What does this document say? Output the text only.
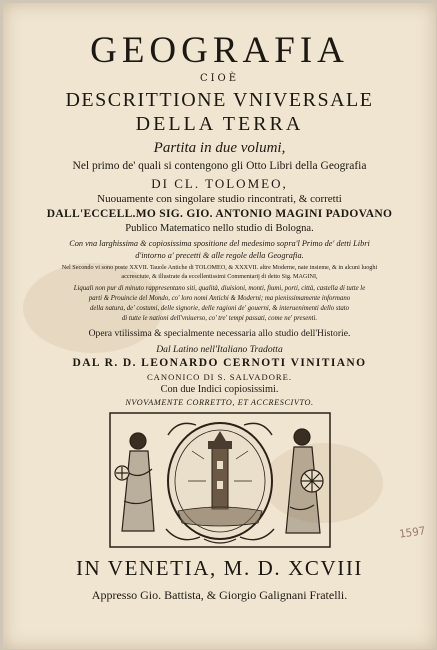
GEOGRAFIA

CIOÈ

DESCRITTIONE VNIVERSALE

DELLA TERRA

Partita in due volumi,

Nel primo de' quali si contengono gli Otto Libri della Geografia

DI CL. TOLOMEO,

Nuouamente con singolare studio rincontrati, & corretti

DALL'ECCELL.MO SIG. GIO. ANTONIO MAGINI PADOVANO

Publico Matematico nello studio di Bologna.

Con vna larghissima & copiosissima spositione del medesimo sopra'l Primo de' detti Libri

d'intorno a' precetti & alle regole della Geografia.

Nel Secondo vi sono poste XXVII. Tauole Antiche di TOLOMEO, & XXXVII. altre Moderne, nate insieme, & in alcuni luoghi

accresciute, & illustrate da eccellentissimi Commentarij di detto Sig. MAGINI,

Liquali non pur di minuto rappresentano siti, qualità, diuisioni, monti, fiumi, porti, città, castella di tutte le

parti & Prouincie del Mondo, co' loro nomi Antichi & Moderni; ma pienissimamente informano

della natura, de' costumi, delle signorie, delle ragioni de' gouerni, & interuenimenti dello stato

di tutte le nationi dell'vniuerso, co' tre' tempi passati, come ne' presenti.

Opera vtilissima & specialmente necessaria allo studio dell'Historie.

Dal Latino nell'Italiano Tradotta

DAL R. D. LEONARDO CERNOTI VINITIANO

CANONICO DI S. SALVADORE.

Con due Indici copiosissimi.

NVOVAMENTE CORRETTO, ET ACCRESCIVTO.

IN VENETIA, M. D. XCVIII

Appresso Gio. Battista, & Giorgio Galignani Fratelli.

1597
